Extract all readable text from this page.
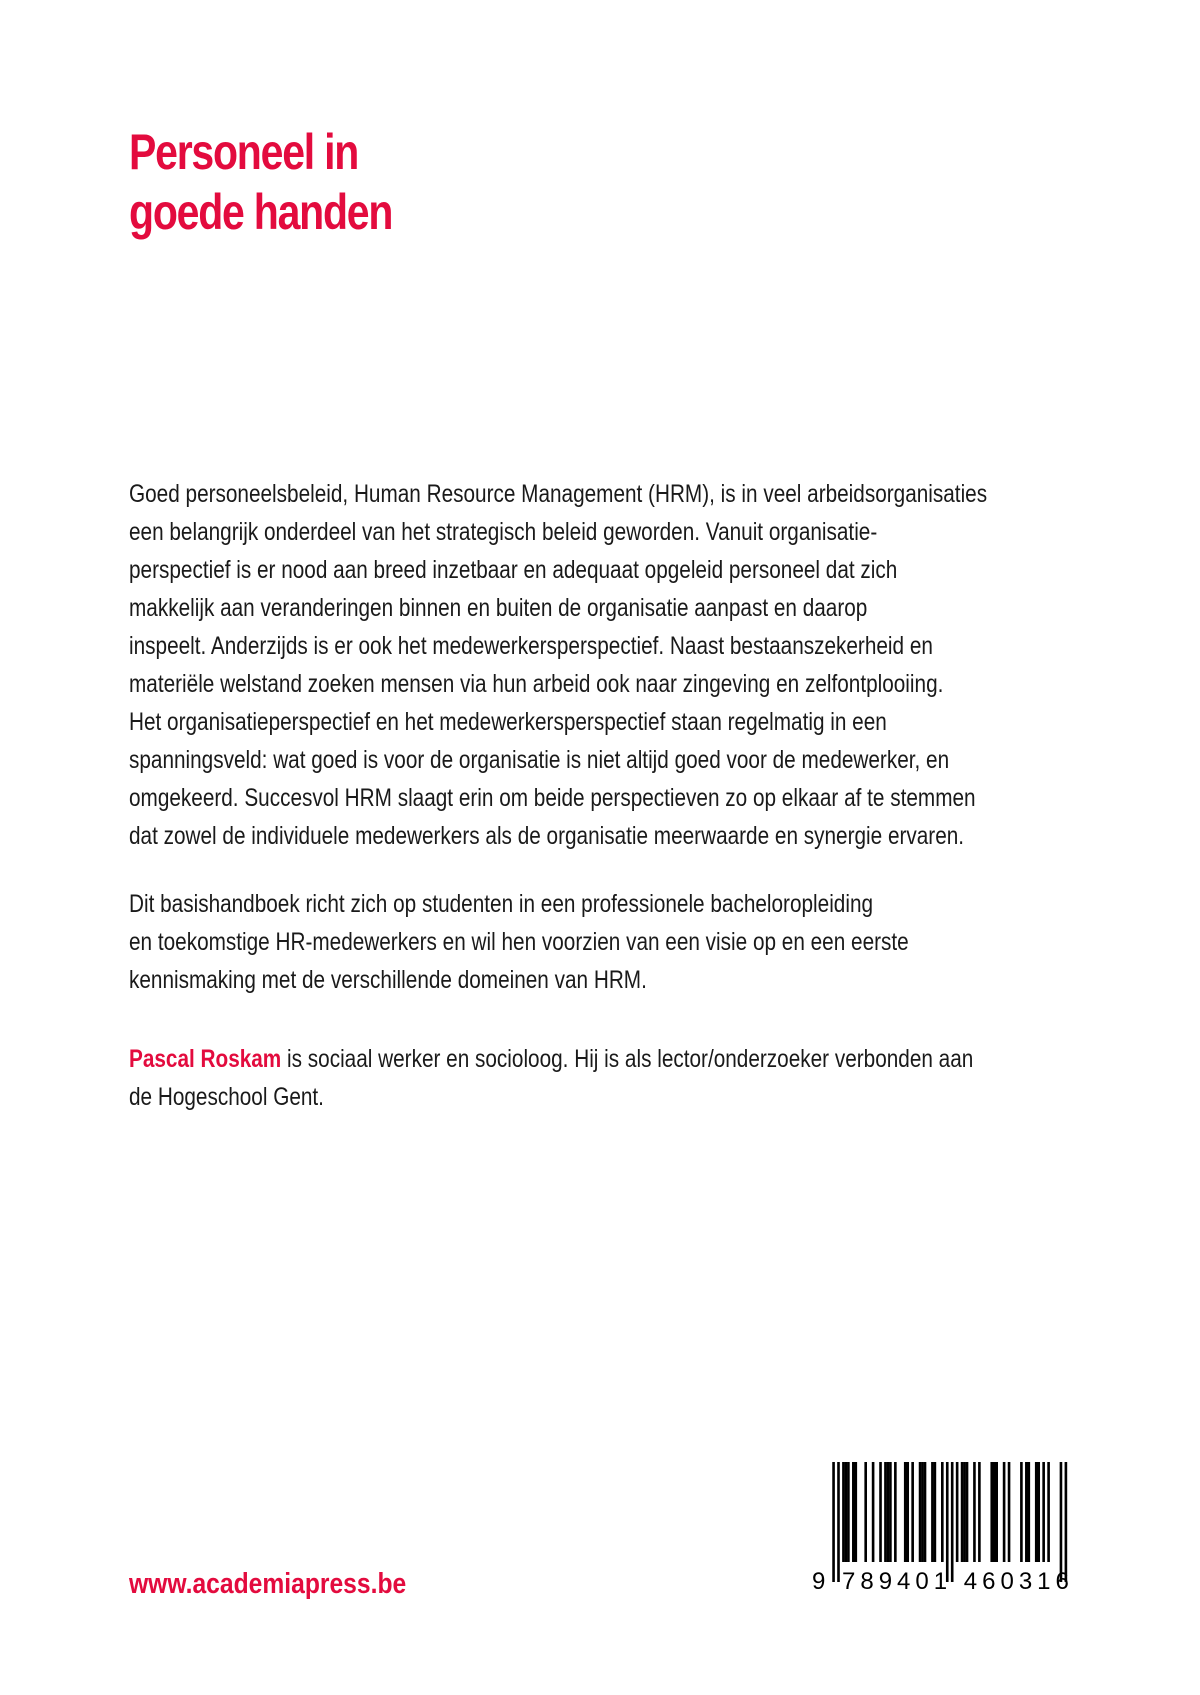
Personeel in
goede handen
Goed personeelsbeleid, Human Resource Management (HRM), is in veel arbeidsorganisaties
een belangrijk onderdeel van het strategisch beleid geworden. Vanuit organisatie-
perspectief is er nood aan breed inzetbaar en adequaat opgeleid personeel dat zich
makkelijk aan veranderingen binnen en buiten de organisatie aanpast en daarop
inspeelt. Anderzijds is er ook het medewerkersperspectief. Naast bestaanszekerheid en
materiële welstand zoeken mensen via hun arbeid ook naar zingeving en zelfontplooiing.
Het organisatieperspectief en het medewerkersperspectief staan regelmatig in een
spanningsveld: wat goed is voor de organisatie is niet altijd goed voor de medewerker, en
omgekeerd. Succesvol HRM slaagt erin om beide perspectieven zo op elkaar af te stemmen
dat zowel de individuele medewerkers als de organisatie meerwaarde en synergie ervaren.
Dit basishandboek richt zich op studenten in een professionele bacheloropleiding
en toekomstige HR-medewerkers en wil hen voorzien van een visie op en een eerste
kennismaking met de verschillende domeinen van HRM.
Pascal Roskam is sociaal werker en socioloog. Hij is als lector/onderzoeker verbonden aan
de Hogeschool Gent.
www.academiapress.be	9 789401 460316
